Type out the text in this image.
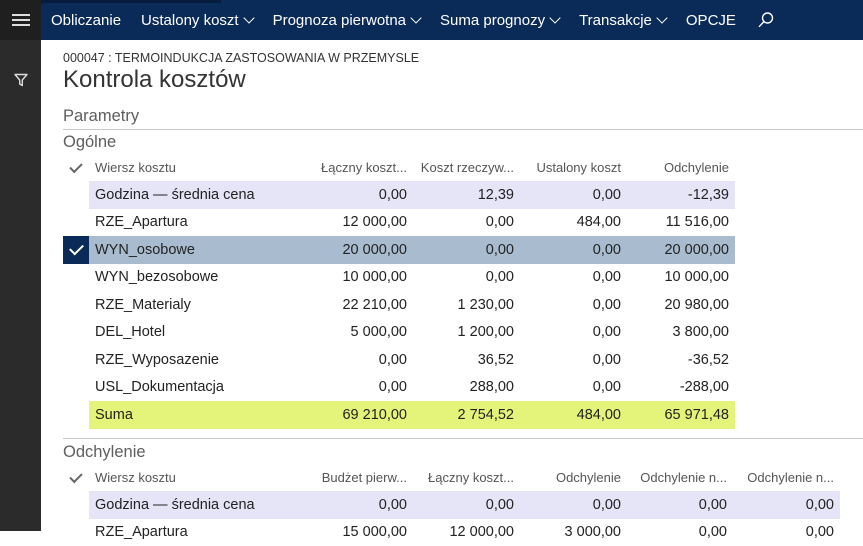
Obliczanie Ustalony koszt Prognoza pierwotna Suma prognozy Transakcje OPCJE
000047 : TERMOINDUKCJA ZASTOSOWANIA W PRZEMYSLE
Kontrola kosztów
Parametry
Ogólne
Wiersz kosztu	Łączny koszt...	Koszt rzeczyw...	Ustalony koszt	Odchylenie
Godzina — średnia cena	0,00	12,39	0,00	-12,39
RZE_Apartura	12 000,00	0,00	484,00	11 516,00
WYN_osobowe	20 000,00	0,00	0,00	20 000,00
WYN_bezosobowe	10 000,00	0,00	0,00	10 000,00
RZE_Materialy	22 210,00	1 230,00	0,00	20 980,00
DEL_Hotel	5 000,00	1 200,00	0,00	3 800,00
RZE_Wyposazenie	0,00	36,52	0,00	-36,52
USL_Dokumentacja	0,00	288,00	0,00	-288,00
Suma	69 210,00	2 754,52	484,00	65 971,48
Odchylenie
Wiersz kosztu	Budżet pierw...	Łączny koszt...	Odchylenie	Odchylenie n...	Odchylenie n...
Godzina — średnia cena	0,00	0,00	0,00	0,00	0,00
RZE_Apartura	15 000,00	12 000,00	3 000,00	0,00	0,00
